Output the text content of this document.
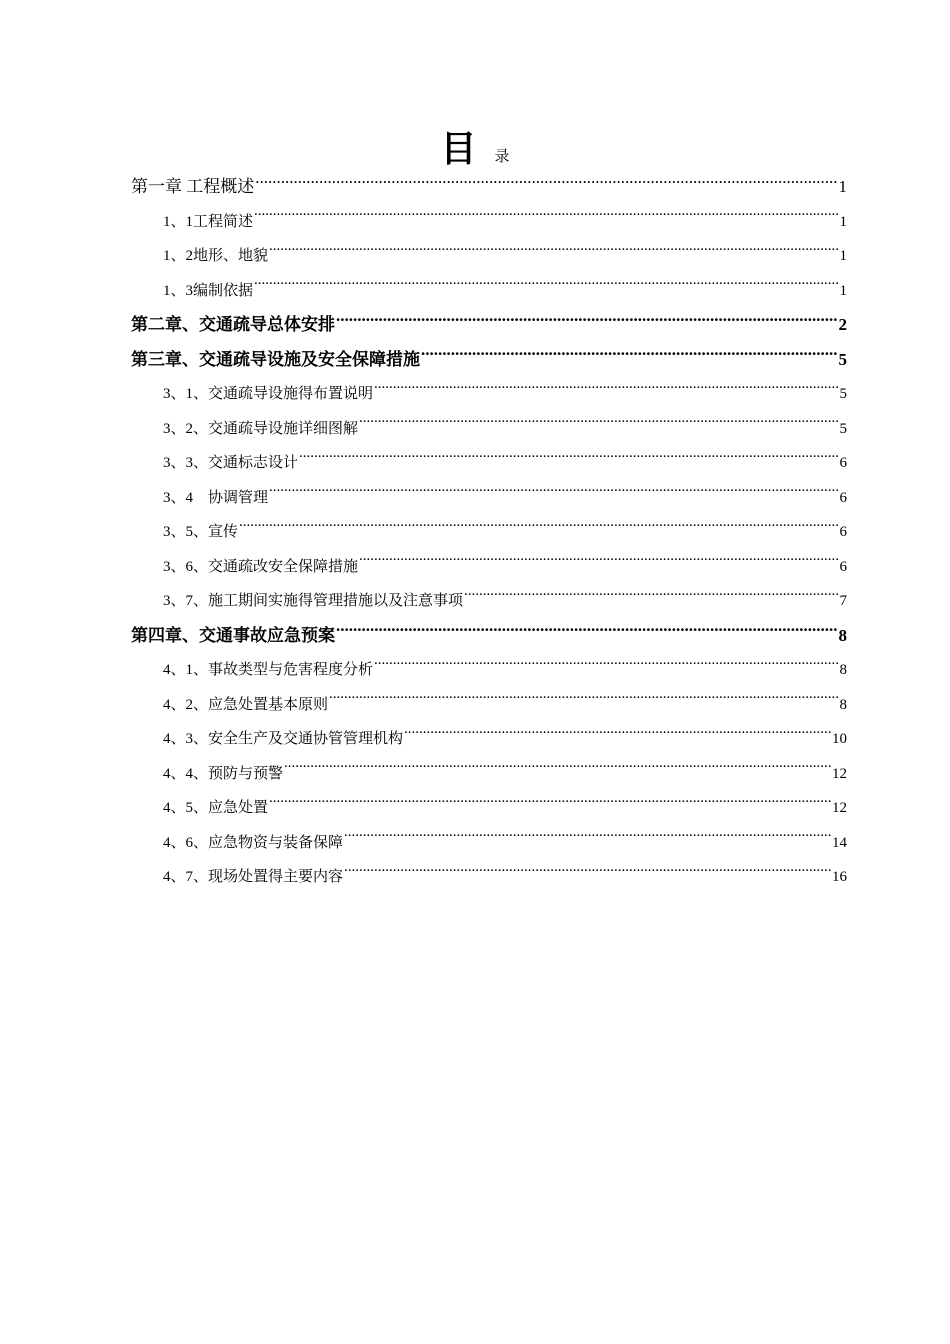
目 录
第一章 工程概述 .....	1
1、1工程简述 .....	1
1、2地形、地貌 .....	1
1、3编制依据 .....	1
第二章、交通疏导总体安排 .....	2
第三章、交通疏导设施及安全保障措施 .....	5
3、1、交通疏导设施得布置说明 .....	5
3、2、交通疏导设施详细图解 .....	5
3、3、交通标志设计 .....	6
3、4　协调管理 .....	6
3、5、宣传 .....	6
3、6、交通疏改安全保障措施 .....	6
3、7、施工期间实施得管理措施以及注意事项 .....	7
第四章、交通事故应急预案 .....	8
4、1、事故类型与危害程度分析 .....	8
4、2、应急处置基本原则 .....	8
4、3、安全生产及交通协管管理机构 .....	10
4、4、预防与预警 .....	12
4、5、应急处置 .....	12
4、6、应急物资与装备保障 .....	14
4、7、现场处置得主要内容 .....	16
